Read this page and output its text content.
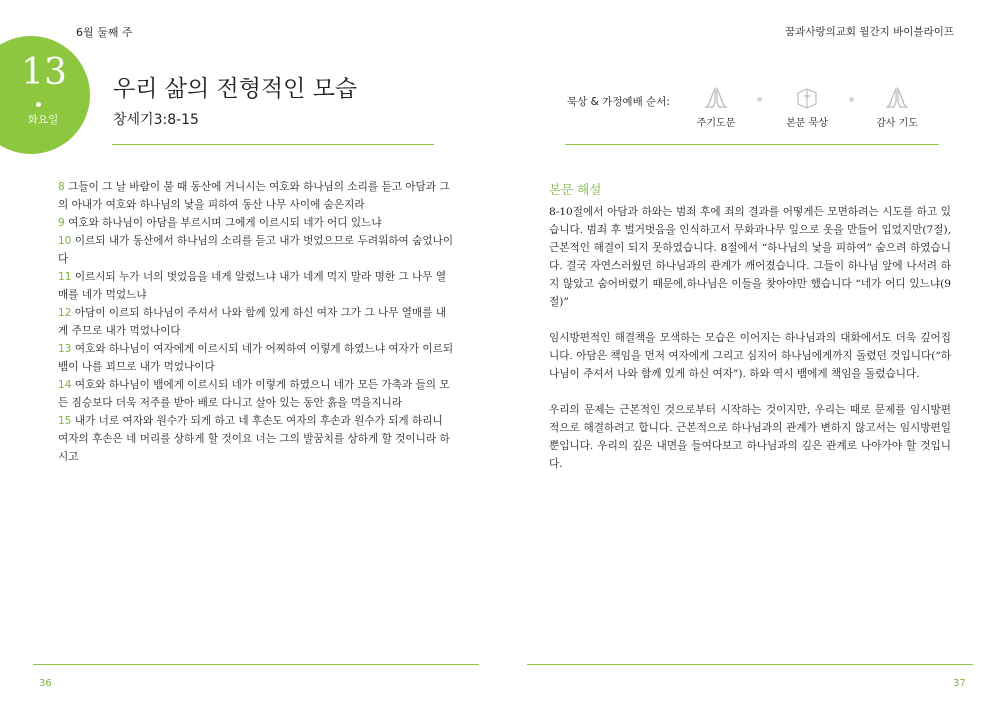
6월 둘째 주
13
화요일
우리 삶의 전형적인 모습
창세기3:8-15
8 그들이 그 날 바람이 불 때 동산에 거니시는 여호와 하나님의 소리를 듣고 아담과 그의 아내가 여호와 하나님의 낯을 피하여 동산 나무 사이에 숨은지라
9 여호와 하나님이 아담을 부르시며 그에게 이르시되 네가 어디 있느냐
10 이르되 내가 동산에서 하나님의 소리를 듣고 내가 벗었으므로 두려워하여 숨었나이다
11 이르시되 누가 너의 벗었음을 네게 알렸느냐 내가 네게 먹지 말라 명한 그 나무 열매를 네가 먹었느냐
12 아담이 이르되 하나님이 주셔서 나와 함께 있게 하신 여자 그가 그 나무 열매를 내게 주므로 내가 먹었나이다
13 여호와 하나님이 여자에게 이르시되 네가 어찌하여 이렇게 하였느냐 여자가 이르되 뱀이 나를 꾀므로 내가 먹었나이다
14 여호와 하나님이 뱀에게 이르시되 네가 이렇게 하였으니 네가 모든 가축과 들의 모든 짐승보다 더욱 저주를 받아 배로 다니고 살아 있는 동안 흙을 먹을지니라
15 내가 너로 여자와 원수가 되게 하고 네 후손도 여자의 후손과 원수가 되게 하리니 여자의 후손은 네 머리를 상하게 할 것이요 너는 그의 발꿈치를 상하게 할 것이니라 하시고
36
꿈과사랑의교회 월간지 바이블라이프
묵상 & 가정예배 순서:
주기도문	본문 묵상	감사 기도
본문 해설

8-10절에서 아담과 하와는 범죄 후에 죄의 결과를 어떻게든 모면하려는 시도를 하고 있습니다. 범죄 후 벌거벗음을 인식하고서 무화과나무 잎으로 옷을 만들어 입었지만(7절), 근본적인 해결이 되지 못하였습니다. 8절에서 “하나님의 낯을 피하여” 숨으려 하였습니다. 결국 자연스러웠던 하나님과의 관계가 깨어졌습니다. 그들이 하나님 앞에 나서려 하지 않았고 숨어버렸기 때문에,하나님은 이들을 찾아야만 했습니다 “네가 어디 있느냐(9절)”

임시방편적인 해결책을 모색하는 모습은 이어지는 하나님과의 대화에서도 더욱 깊어집니다. 아담은 책임을 먼저 여자에게 그리고 심지어 하나님에게까지 돌렸던 것입니다(“하나님이 주셔서 나와 함께 있게 하신 여자”). 하와 역시 뱀에게 책임을 돌렸습니다.

우리의 문제는 근본적인 것으로부터 시작하는 것이지만, 우리는 때로 문제를 임시방편적으로 해결하려고 합니다. 근본적으로 하나님과의 관계가 변하지 않고서는 임시방편일 뿐입니다. 우리의 깊은 내면을 들여다보고 하나님과의 깊은 관계로 나아가야 할 것입니다.

37
